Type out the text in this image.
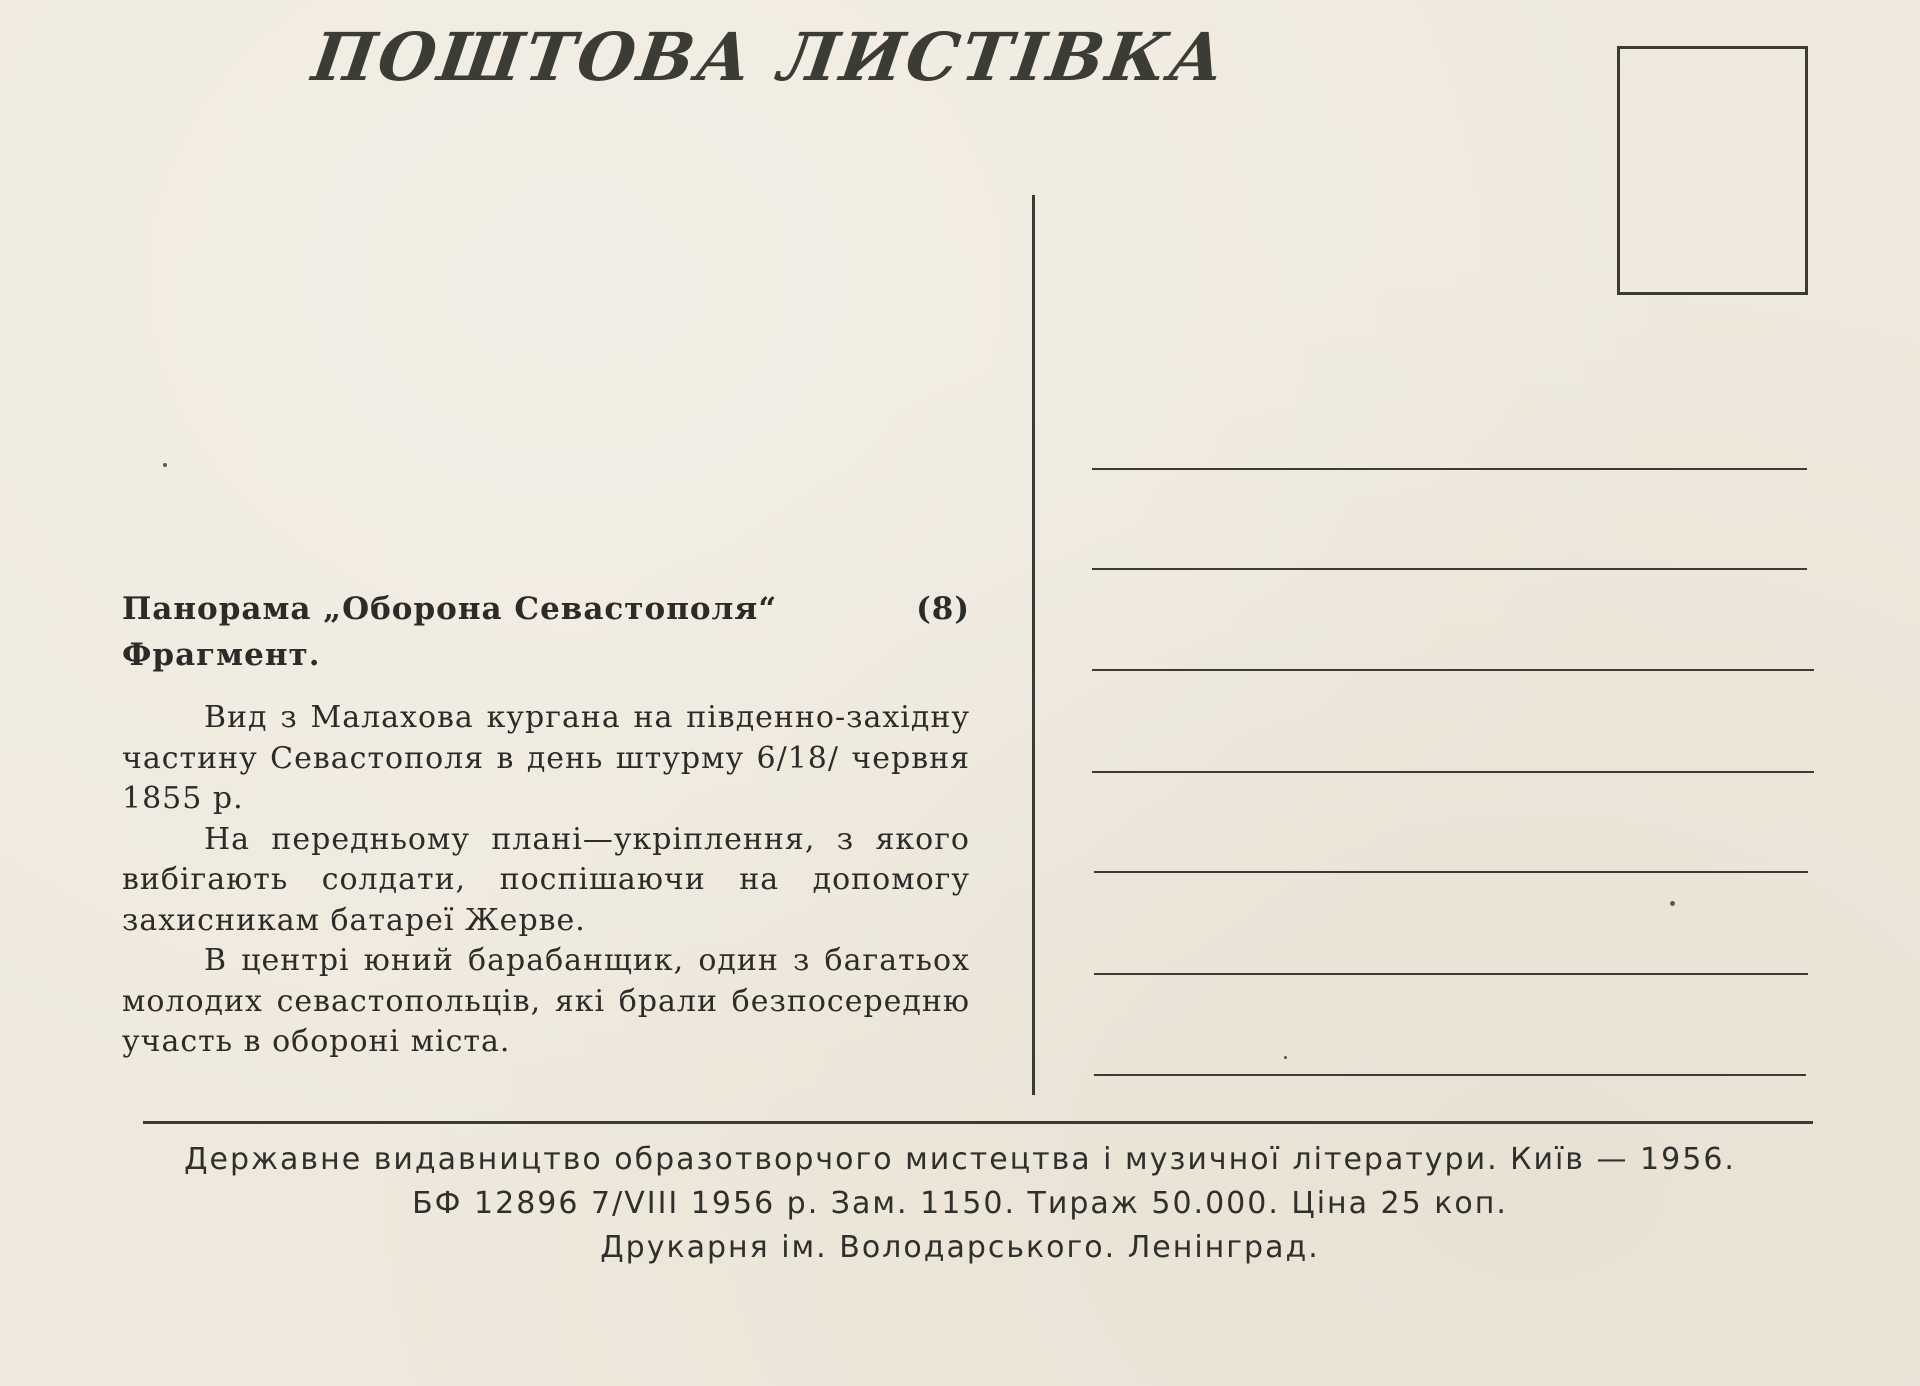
ПОШТОВА ЛИСТІВКА
Панорама „Оборона Севастополя“	(8)
Фрагмент.

Вид з Малахова кургана на південно-західну частину Севастополя в день штурму 6/18/ червня 1855 р.

На передньому плані—укріплення, з якого вибігають солдати, поспішаючи на допомогу захисникам батареї Жерве.

В центрі юний барабанщик, один з багатьох молодих севастопольців, які брали безпосередню участь в обороні міста.

Державне видавництво образотворчого мистецтва і музичної літератури. Київ — 1956.
БФ 12896 7/VIII 1956 р. Зам. 1150. Тираж 50.000. Ціна 25 коп.
Друкарня ім. Володарського. Ленінград.
